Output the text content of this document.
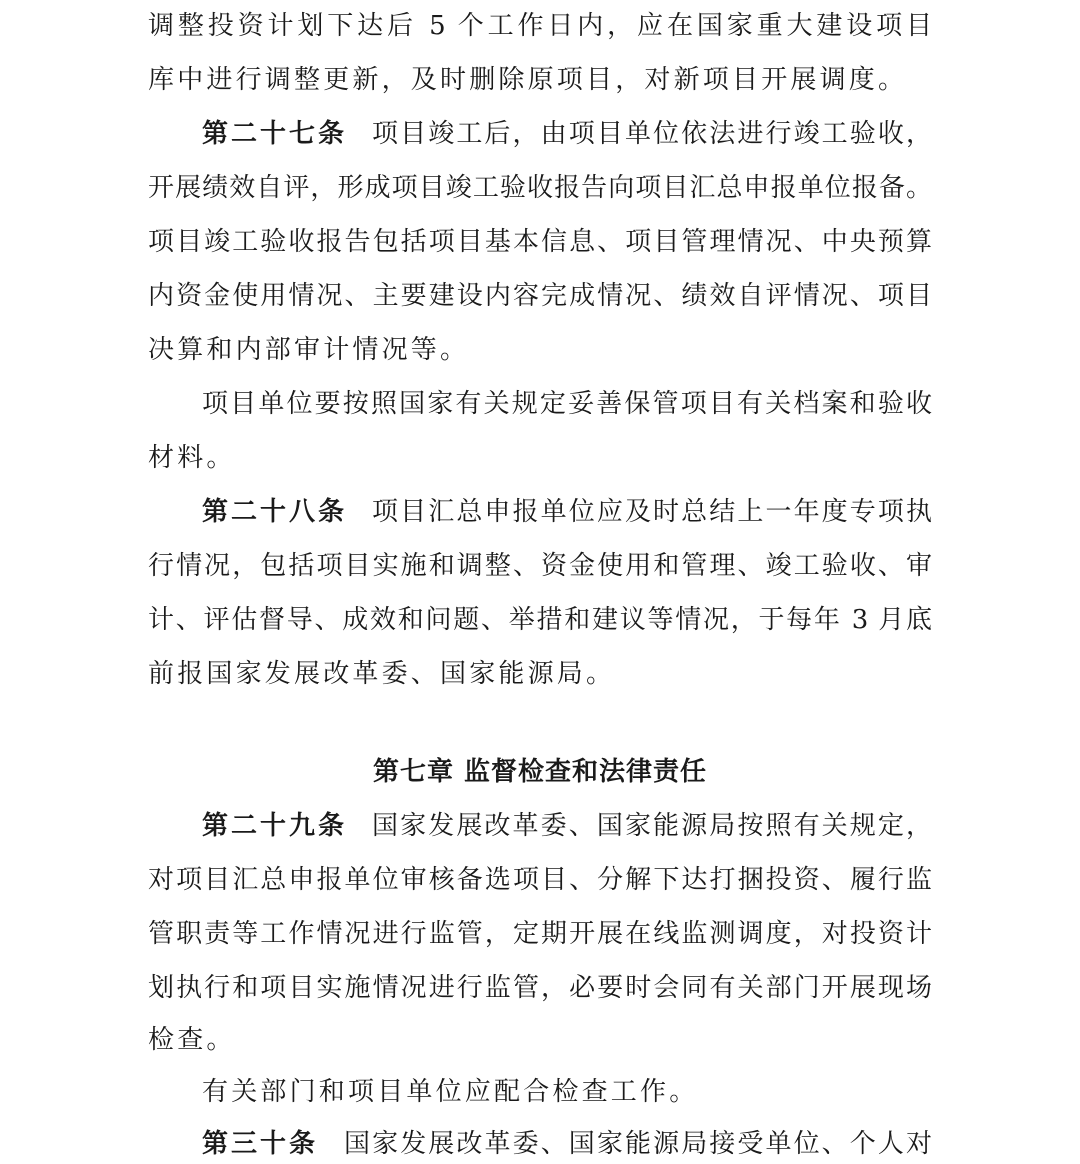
调整投资计划下达后 5 个工作日内，应在国家重大建设项目
库中进行调整更新，及时删除原项目，对新项目开展调度。
第二十七条 项目竣工后，由项目单位依法进行竣工验收，
开展绩效自评，形成项目竣工验收报告向项目汇总申报单位报备。
项目竣工验收报告包括项目基本信息、项目管理情况、中央预算
内资金使用情况、主要建设内容完成情况、绩效自评情况、项目
决算和内部审计情况等。
项目单位要按照国家有关规定妥善保管项目有关档案和验收
材料。
第二十八条 项目汇总申报单位应及时总结上一年度专项执
行情况，包括项目实施和调整、资金使用和管理、竣工验收、审
计、评估督导、成效和问题、举措和建议等情况，于每年 3 月底
前报国家发展改革委、国家能源局。
第七章 监督检查和法律责任
第二十九条 国家发展改革委、国家能源局按照有关规定，
对项目汇总申报单位审核备选项目、分解下达打捆投资、履行监
管职责等工作情况进行监管，定期开展在线监测调度，对投资计
划执行和项目实施情况进行监管，必要时会同有关部门开展现场
检查。
有关部门和项目单位应配合检查工作。
第三十条 国家发展改革委、国家能源局接受单位、个人对
